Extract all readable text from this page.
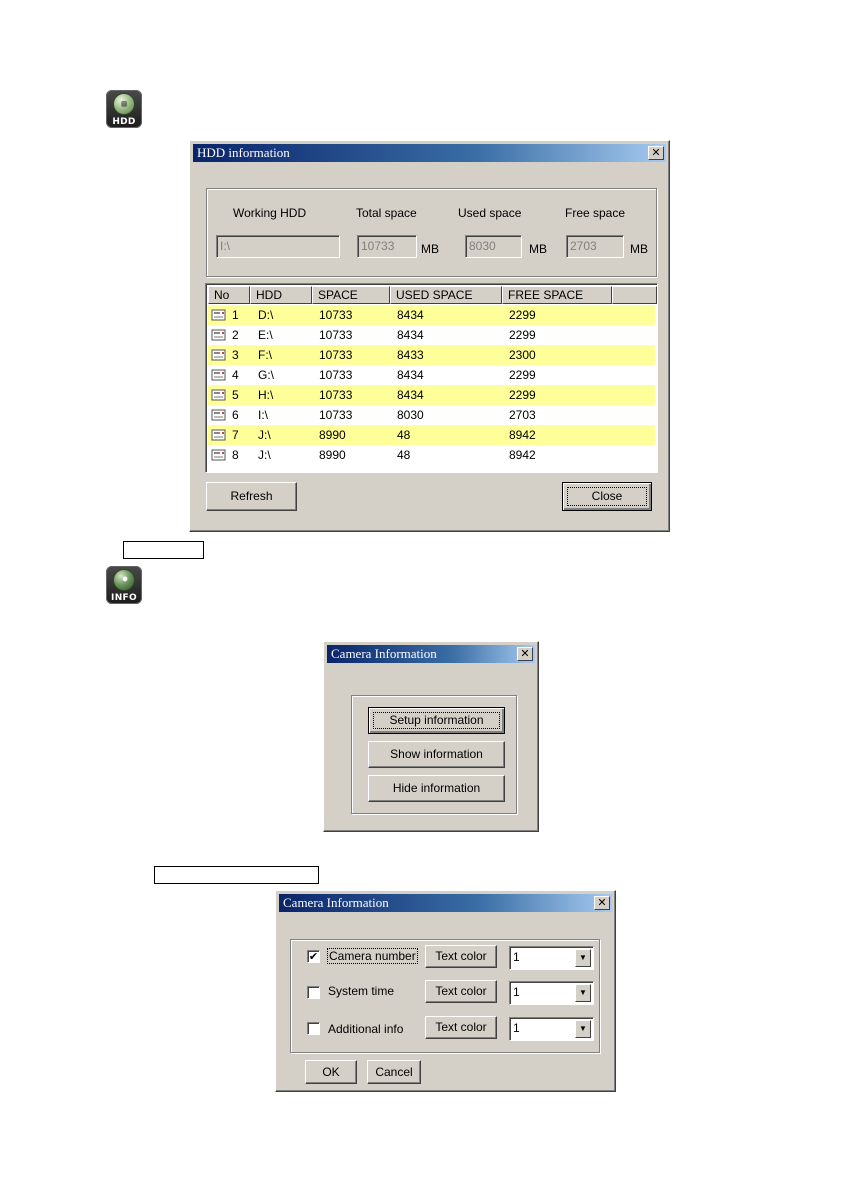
▤
HDD
HDD information	✕
Working HDD	Total space	Used space	Free space
I:\	10733	MB	8030	MB	2703	MB
No	HDD	SPACE	USED SPACE	FREE SPACE
1 D:\	10733	8434	2299
2 E:\	10733	8434	2299
3 F:\	10733	8433	2300
4 G:\	10733	8434	2299
5 H:\	10733	8434	2299
6 I:\	10733	8030	2703
7 J:\	8990	48	8942
8 J:\	8990	48	8942
Refresh	Close
●
INFO
Camera Information	✕
Setup information
Show information
Hide information
Camera Information	✕
✔ Camera number	Text color	1	▼
System time	Text color	1	▼
Additional info	Text color	1	▼
OK	Cancel
